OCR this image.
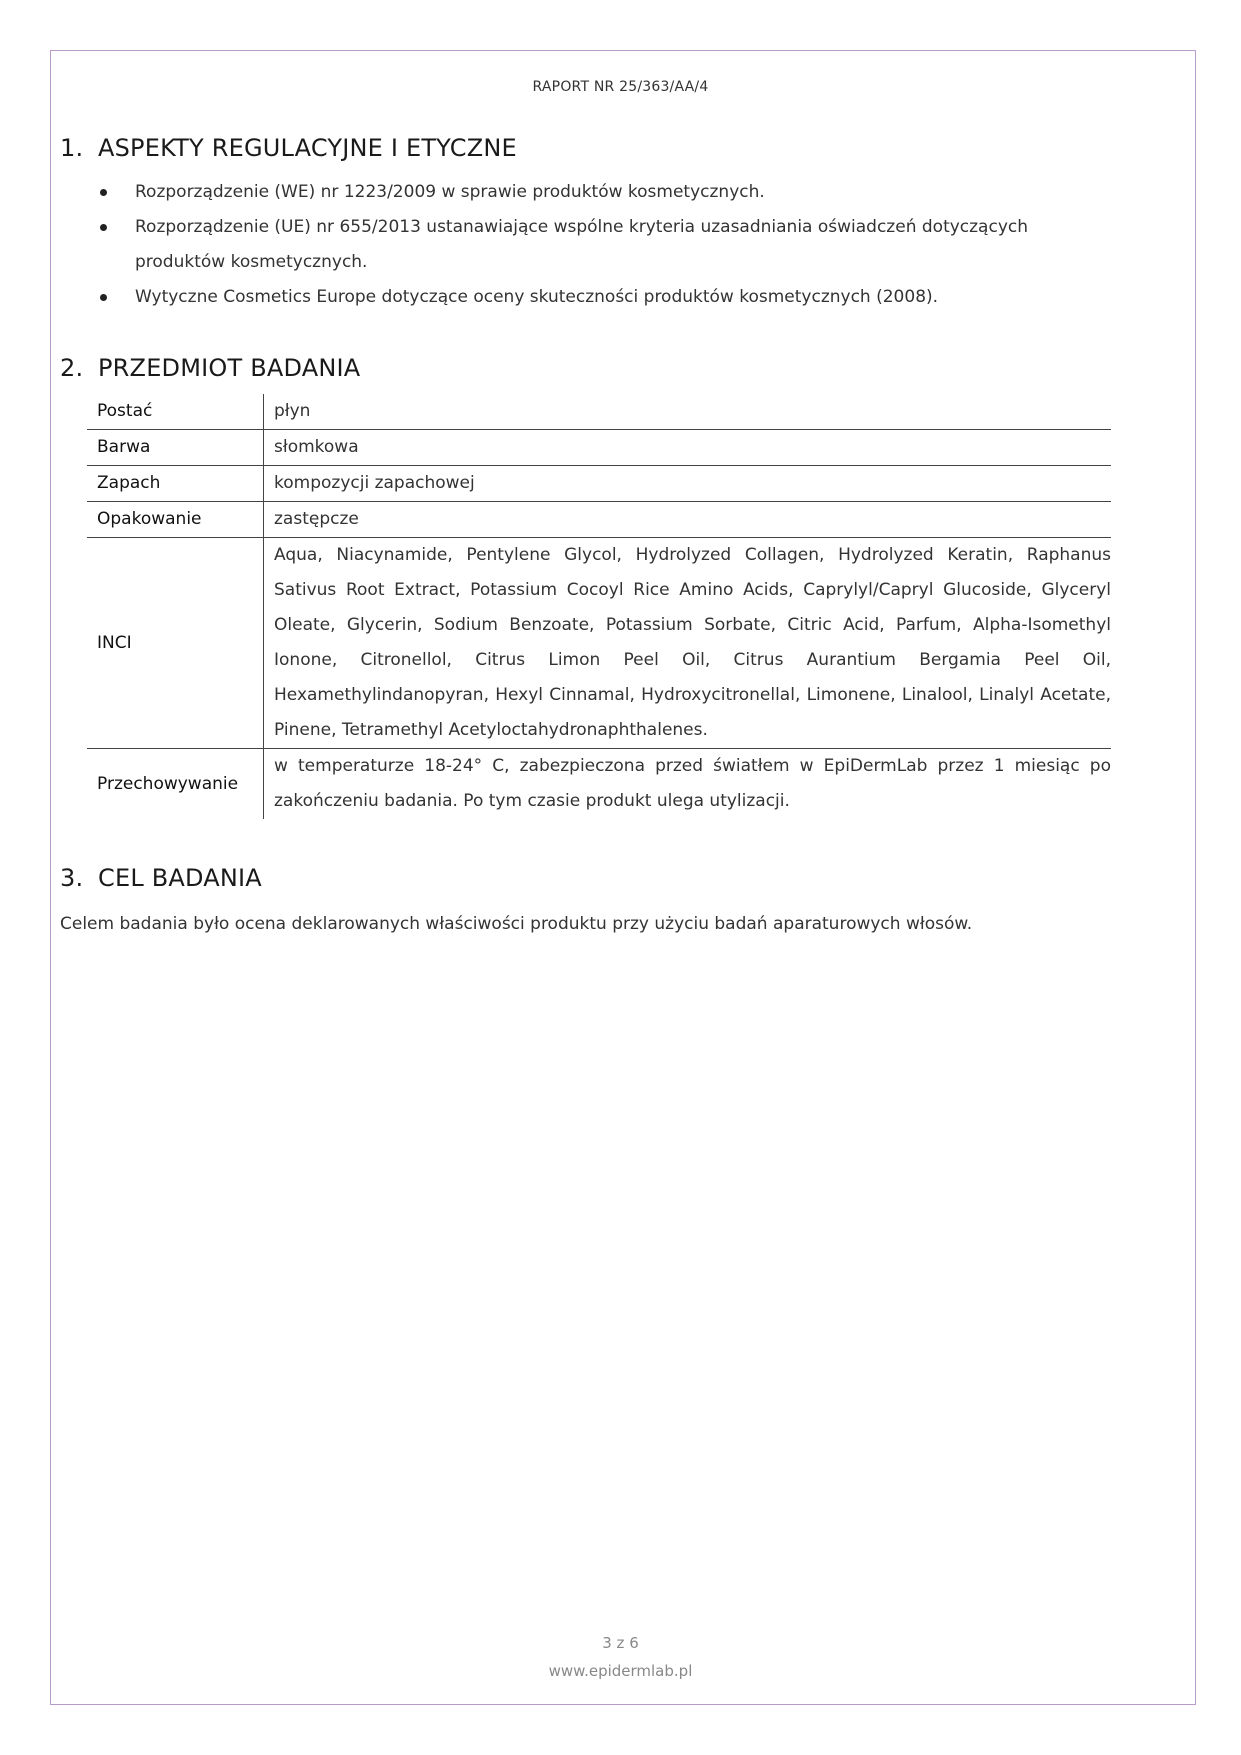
RAPORT NR 25/363/AA/4
1. ASPEKTY REGULACYJNE I ETYCZNE
Rozporządzenie (WE) nr 1223/2009 w sprawie produktów kosmetycznych.
Rozporządzenie (UE) nr 655/2013 ustanawiające wspólne kryteria uzasadniania oświadczeń dotyczących produktów kosmetycznych.
Wytyczne Cosmetics Europe dotyczące oceny skuteczności produktów kosmetycznych (2008).
2. PRZEDMIOT BADANIA
Postać	płyn
Barwa	słomkowa
Zapach	kompozycji zapachowej
Opakowanie	zastępcze
INCI	Aqua, Niacynamide, Pentylene Glycol, Hydrolyzed Collagen, Hydrolyzed Keratin, Raphanus Sativus Root Extract, Potassium Cocoyl Rice Amino Acids, Caprylyl/Capryl Glucoside, Glyceryl Oleate, Glycerin, Sodium Benzoate, Potassium Sorbate, Citric Acid, Parfum, Alpha-Isomethyl Ionone, Citronellol, Citrus Limon Peel Oil, Citrus Aurantium Bergamia Peel Oil, Hexamethylindanopyran, Hexyl Cinnamal, Hydroxycitronellal, Limonene, Linalool, Linalyl Acetate, Pinene, Tetramethyl Acetyloctahydronaphthalenes.
Przechowywanie	w temperaturze 18-24° C, zabezpieczona przed światłem w EpiDermLab przez 1 miesiąc po zakończeniu badania. Po tym czasie produkt ulega utylizacji.
3. CEL BADANIA
Celem badania było ocena deklarowanych właściwości produktu przy użyciu badań aparaturowych włosów.
3 z 6
www.epidermlab.pl
